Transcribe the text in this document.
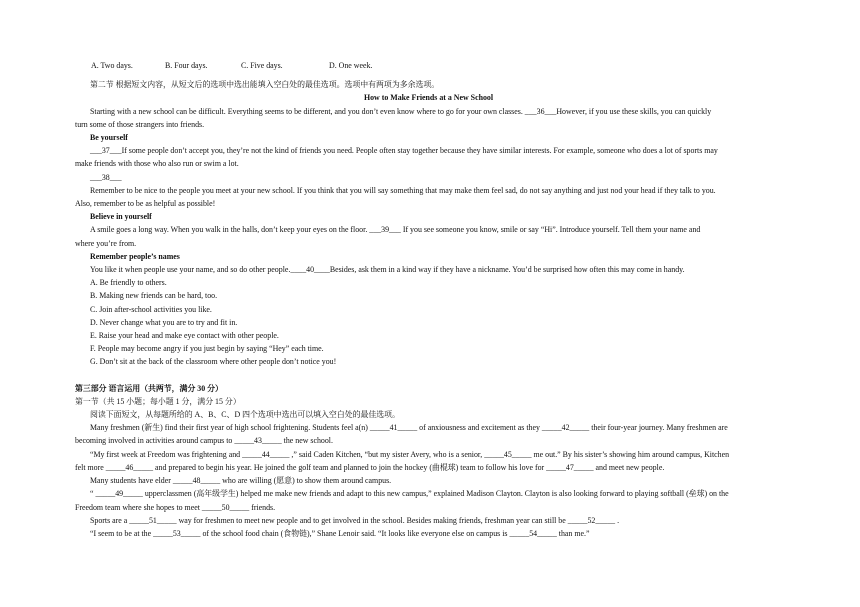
A. Two days.	B. Four days.	C. Five days.	D. One week.
第二节 根据短文内容，从短文后的选项中选出能填入空白处的最佳选项。选项中有两项为多余选项。
How to Make Friends at a New School
Starting with a new school can be difficult. Everything seems to be different, and you don’t even know where to go for your own classes. ___36___However, if you use these skills, you can quickly
turn some of those strangers into friends.
Be yourself
___37___If some people don’t accept you, they’re not the kind of friends you need. People often stay together because they have similar interests. For example, someone who does a lot of sports may
make friends with those who also run or swim a lot.
___38___
Remember to be nice to the people you meet at your new school. If you think that you will say something that may make them feel sad, do not say anything and just nod your head if they talk to you.
Also, remember to be as helpful as possible!
Believe in yourself
A smile goes a long way. When you walk in the halls, don’t keep your eyes on the floor. ___39___ If you see someone you know, smile or say “Hi”. Introduce yourself. Tell them your name and
where you’re from.
Remember people’s names
You like it when people use your name, and so do other people.____40____Besides, ask them in a kind way if they have a nickname. You’d be surprised how often this may come in handy.
A. Be friendly to others.
B. Making new friends can be hard, too.
C. Join after-school activities you like.
D. Never change what you are to try and fit in.
E. Raise your head and make eye contact with other people.
F. People may become angry if you just begin by saying “Hey” each time.
G. Don’t sit at the back of the classroom where other people don’t notice you!
第三部分 语言运用（共两节，满分 30 分）
第一节（共 15 小题；每小题 1 分，满分 15 分）
阅读下面短文，从每题所给的 A、B、C、D 四个选项中选出可以填入空白处的最佳选项。
Many freshmen (新生) find their first year of high school frightening. Students feel a(n) _____41_____ of anxiousness and excitement as they _____42_____ their four-year journey. Many freshmen are
becoming involved in activities around campus to _____43_____ the new school.
“My first week at Freedom was frightening and _____44_____ ,” said Caden Kitchen, “but my sister Avery, who is a senior, _____45_____ me out.” By his sister’s showing him around campus, Kitchen
felt more _____46_____ and prepared to begin his year. He joined the golf team and planned to join the hockey (曲棍球) team to follow his love for _____47_____ and meet new people.
Many students have elder _____48_____ who are willing (愿意) to show them around campus.
“ _____49_____ upperclassmen (高年级学生) helped me make new friends and adapt to this new campus,” explained Madison Clayton. Clayton is also looking forward to playing softball (垒球) on the
Freedom team where she hopes to meet _____50_____ friends.
Sports are a _____51_____ way for freshmen to meet new people and to get involved in the school. Besides making friends, freshman year can still be _____52_____ .
“I seem to be at the _____53_____ of the school food chain (食物链),” Shane Lenoir said. “It looks like everyone else on campus is _____54_____ than me.”
